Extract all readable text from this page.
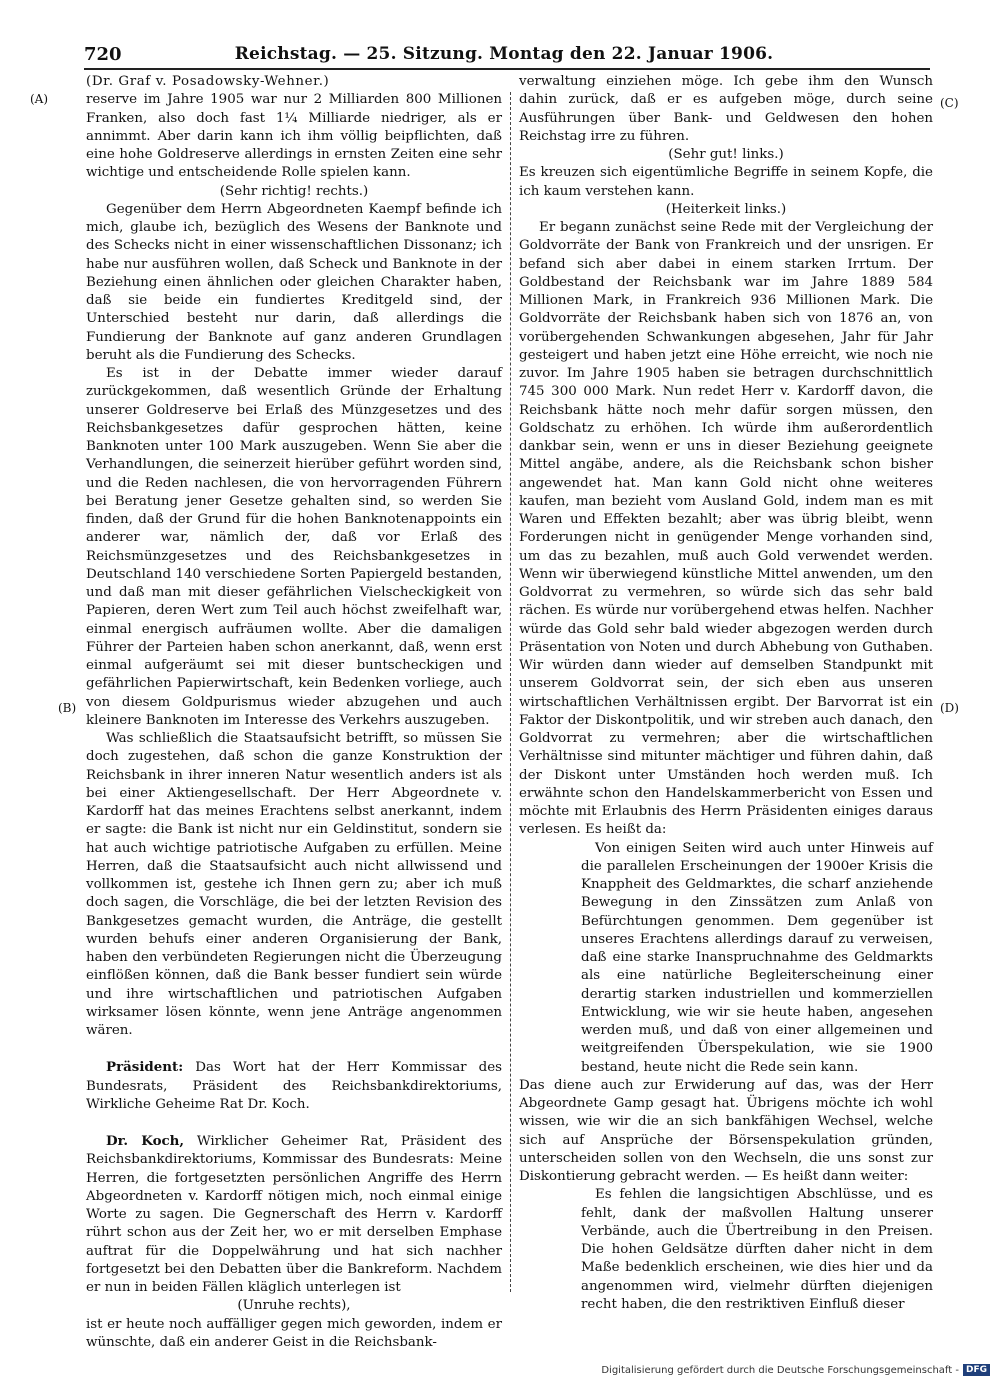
720	Reichstag. — 25. Sitzung. Montag den 22. Januar 1906.
(A)
(B)
(C)
(D)

(Dr. Graf v. Posadowsky-Wehner.)

reserve im Jahre 1905 war nur 2 Milliarden 800 Millionen Franken, also doch fast 1¼ Milliarde niedriger, als er annimmt. Aber darin kann ich ihm völlig beipflichten, daß eine hohe Goldreserve allerdings in ernsten Zeiten eine sehr wichtige und entscheidende Rolle spielen kann.

(Sehr richtig! rechts.)

Gegenüber dem Herrn Abgeordneten Kaempf befinde ich mich, glaube ich, bezüglich des Wesens der Banknote und des Schecks nicht in einer wissenschaftlichen Dissonanz; ich habe nur ausführen wollen, daß Scheck und Banknote in der Beziehung einen ähnlichen oder gleichen Charakter haben, daß sie beide ein fundiertes Kreditgeld sind, der Unterschied besteht nur darin, daß allerdings die Fundierung der Banknote auf ganz anderen Grundlagen beruht als die Fundierung des Schecks.

Es ist in der Debatte immer wieder darauf zurückgekommen, daß wesentlich Gründe der Erhaltung unserer Goldreserve bei Erlaß des Münzgesetzes und des Reichsbankgesetzes dafür gesprochen hätten, keine Banknoten unter 100 Mark auszugeben. Wenn Sie aber die Verhandlungen, die seinerzeit hierüber geführt worden sind, und die Reden nachlesen, die von hervorragenden Führern bei Beratung jener Gesetze gehalten sind, so werden Sie finden, daß der Grund für die hohen Banknotenappoints ein anderer war, nämlich der, daß vor Erlaß des Reichsmünzgesetzes und des Reichsbankgesetzes in Deutschland 140 verschiedene Sorten Papiergeld bestanden, und daß man mit dieser gefährlichen Vielscheckigkeit von Papieren, deren Wert zum Teil auch höchst zweifelhaft war, einmal energisch aufräumen wollte. Aber die damaligen Führer der Parteien haben schon anerkannt, daß, wenn erst einmal aufgeräumt sei mit dieser buntscheckigen und gefährlichen Papierwirtschaft, kein Bedenken vorliege, auch von diesem Goldpurismus wieder abzugehen und auch kleinere Banknoten im Interesse des Verkehrs auszugeben.

Was schließlich die Staatsaufsicht betrifft, so müssen Sie doch zugestehen, daß schon die ganze Konstruktion der Reichsbank in ihrer inneren Natur wesentlich anders ist als bei einer Aktiengesellschaft. Der Herr Abgeordnete v. Kardorff hat das meines Erachtens selbst anerkannt, indem er sagte: die Bank ist nicht nur ein Geldinstitut, sondern sie hat auch wichtige patriotische Aufgaben zu erfüllen. Meine Herren, daß die Staatsaufsicht auch nicht allwissend und vollkommen ist, gestehe ich Ihnen gern zu; aber ich muß doch sagen, die Vorschläge, die bei der letzten Revision des Bankgesetzes gemacht wurden, die Anträge, die gestellt wurden behufs einer anderen Organisierung der Bank, haben den verbündeten Regierungen nicht die Überzeugung einflößen können, daß die Bank besser fundiert sein würde und ihre wirtschaftlichen und patriotischen Aufgaben wirksamer lösen könnte, wenn jene Anträge angenommen wären.

Präsident: Das Wort hat der Herr Kommissar des Bundesrats, Präsident des Reichsbankdirektoriums, Wirkliche Geheime Rat Dr. Koch.

Dr. Koch, Wirklicher Geheimer Rat, Präsident des Reichsbankdirektoriums, Kommissar des Bundesrats: Meine Herren, die fortgesetzten persönlichen Angriffe des Herrn Abgeordneten v. Kardorff nötigen mich, noch einmal einige Worte zu sagen. Die Gegnerschaft des Herrn v. Kardorff rührt schon aus der Zeit her, wo er mit derselben Emphase auftrat für die Doppelwährung und hat sich nachher fortgesetzt bei den Debatten über die Bankreform. Nachdem er nun in beiden Fällen kläglich unterlegen ist

(Unruhe rechts),

ist er heute noch auffälliger gegen mich geworden, indem er wünschte, daß ein anderer Geist in die Reichsbank-

verwaltung einziehen möge. Ich gebe ihm den Wunsch dahin zurück, daß er es aufgeben möge, durch seine Ausführungen über Bank- und Geldwesen den hohen Reichstag irre zu führen.

(Sehr gut! links.)

Es kreuzen sich eigentümliche Begriffe in seinem Kopfe, die ich kaum verstehen kann.

(Heiterkeit links.)

Er begann zunächst seine Rede mit der Vergleichung der Goldvorräte der Bank von Frankreich und der unsrigen. Er befand sich aber dabei in einem starken Irrtum. Der Goldbestand der Reichsbank war im Jahre 1889 584 Millionen Mark, in Frankreich 936 Millionen Mark. Die Goldvorräte der Reichsbank haben sich von 1876 an, von vorübergehenden Schwankungen abgesehen, Jahr für Jahr gesteigert und haben jetzt eine Höhe erreicht, wie noch nie zuvor. Im Jahre 1905 haben sie betragen durchschnittlich 745 300 000 Mark. Nun redet Herr v. Kardorff davon, die Reichsbank hätte noch mehr dafür sorgen müssen, den Goldschatz zu erhöhen. Ich würde ihm außerordentlich dankbar sein, wenn er uns in dieser Beziehung geeignete Mittel angäbe, andere, als die Reichsbank schon bisher angewendet hat. Man kann Gold nicht ohne weiteres kaufen, man bezieht vom Ausland Gold, indem man es mit Waren und Effekten bezahlt; aber was übrig bleibt, wenn Forderungen nicht in genügender Menge vorhanden sind, um das zu bezahlen, muß auch Gold verwendet werden. Wenn wir überwiegend künstliche Mittel anwenden, um den Goldvorrat zu vermehren, so würde sich das sehr bald rächen. Es würde nur vorübergehend etwas helfen. Nachher würde das Gold sehr bald wieder abgezogen werden durch Präsentation von Noten und durch Abhebung von Guthaben. Wir würden dann wieder auf demselben Standpunkt mit unserem Goldvorrat sein, der sich eben aus unseren wirtschaftlichen Verhältnissen ergibt. Der Barvorrat ist ein Faktor der Diskontpolitik, und wir streben auch danach, den Goldvorrat zu vermehren; aber die wirtschaftlichen Verhältnisse sind mitunter mächtiger und führen dahin, daß der Diskont unter Umständen hoch werden muß. Ich erwähnte schon den Handelskammerbericht von Essen und möchte mit Erlaubnis des Herrn Präsidenten einiges daraus verlesen. Es heißt da:

Von einigen Seiten wird auch unter Hinweis auf die parallelen Erscheinungen der 1900er Krisis die Knappheit des Geldmarktes, die scharf anziehende Bewegung in den Zinssätzen zum Anlaß von Befürchtungen genommen. Dem gegenüber ist unseres Erachtens allerdings darauf zu verweisen, daß eine starke Inanspruchnahme des Geldmarkts als eine natürliche Begleiterscheinung einer derartig starken industriellen und kommerziellen Entwicklung, wie wir sie heute haben, angesehen werden muß, und daß von einer allgemeinen und weitgreifenden Überspekulation, wie sie 1900 bestand, heute nicht die Rede sein kann.

Das diene auch zur Erwiderung auf das, was der Herr Abgeordnete Gamp gesagt hat. Übrigens möchte ich wohl wissen, wie wir die an sich bankfähigen Wechsel, welche sich auf Ansprüche der Börsenspekulation gründen, unterscheiden sollen von den Wechseln, die uns sonst zur Diskontierung gebracht werden. — Es heißt dann weiter:

Es fehlen die langsichtigen Abschlüsse, und es fehlt, dank der maßvollen Haltung unserer Verbände, auch die Übertreibung in den Preisen. Die hohen Geldsätze dürften daher nicht in dem Maße bedenklich erscheinen, wie dies hier und da angenommen wird, vielmehr dürften diejenigen recht haben, die den restriktiven Einfluß dieser

Digitalisierung gefördert durch die Deutsche Forschungsgemeinschaft - DFG
